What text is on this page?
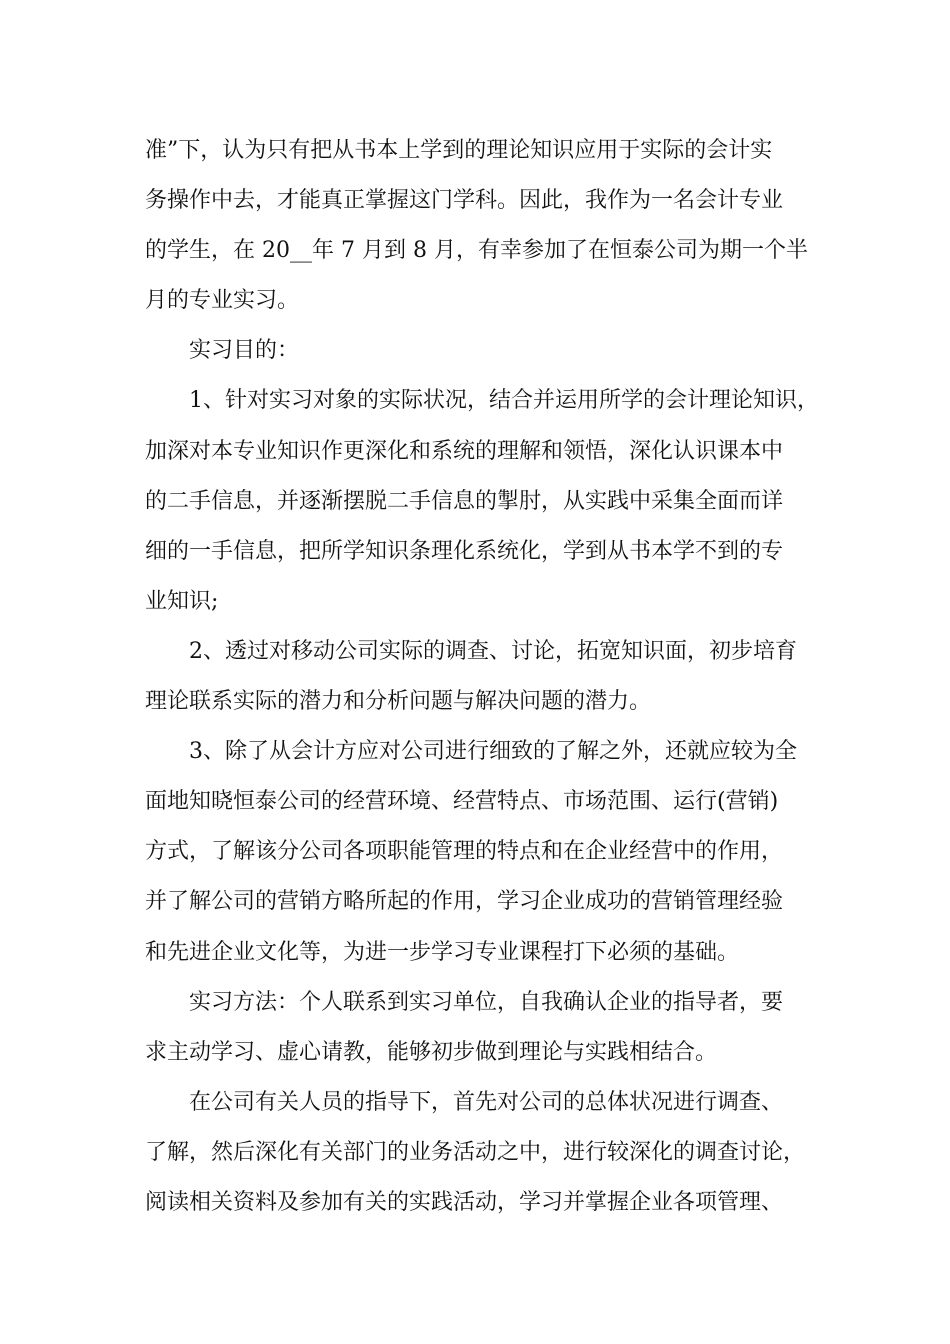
准”下，认为只有把从书本上学到的理论知识应用于实际的会计实
务操作中去，才能真正掌握这门学科。因此，我作为一名会计专业
的学生，在 20__年 7 月到 8 月，有幸参加了在恒泰公司为期一个半
月的专业实习。
实习目的：
1、针对实习对象的实际状况，结合并运用所学的会计理论知识，
加深对本专业知识作更深化和系统的理解和领悟，深化认识课本中
的二手信息，并逐渐摆脱二手信息的掣肘，从实践中采集全面而详
细的一手信息，把所学知识条理化系统化，学到从书本学不到的专
业知识;
2、透过对移动公司实际的调查、讨论，拓宽知识面，初步培育
理论联系实际的潜力和分析问题与解决问题的潜力。
3、除了从会计方应对公司进行细致的了解之外，还就应较为全
面地知晓恒泰公司的经营环境、经营特点、市场范围、运行(营销)
方式，了解该分公司各项职能管理的特点和在企业经营中的作用，
并了解公司的营销方略所起的作用，学习企业成功的营销管理经验
和先进企业文化等，为进一步学习专业课程打下必须的基础。
实习方法：个人联系到实习单位，自我确认企业的指导者，要
求主动学习、虚心请教，能够初步做到理论与实践相结合。
在公司有关人员的指导下，首先对公司的总体状况进行调查、
了解，然后深化有关部门的业务活动之中，进行较深化的调查讨论，
阅读相关资料及参加有关的实践活动，学习并掌握企业各项管理、
